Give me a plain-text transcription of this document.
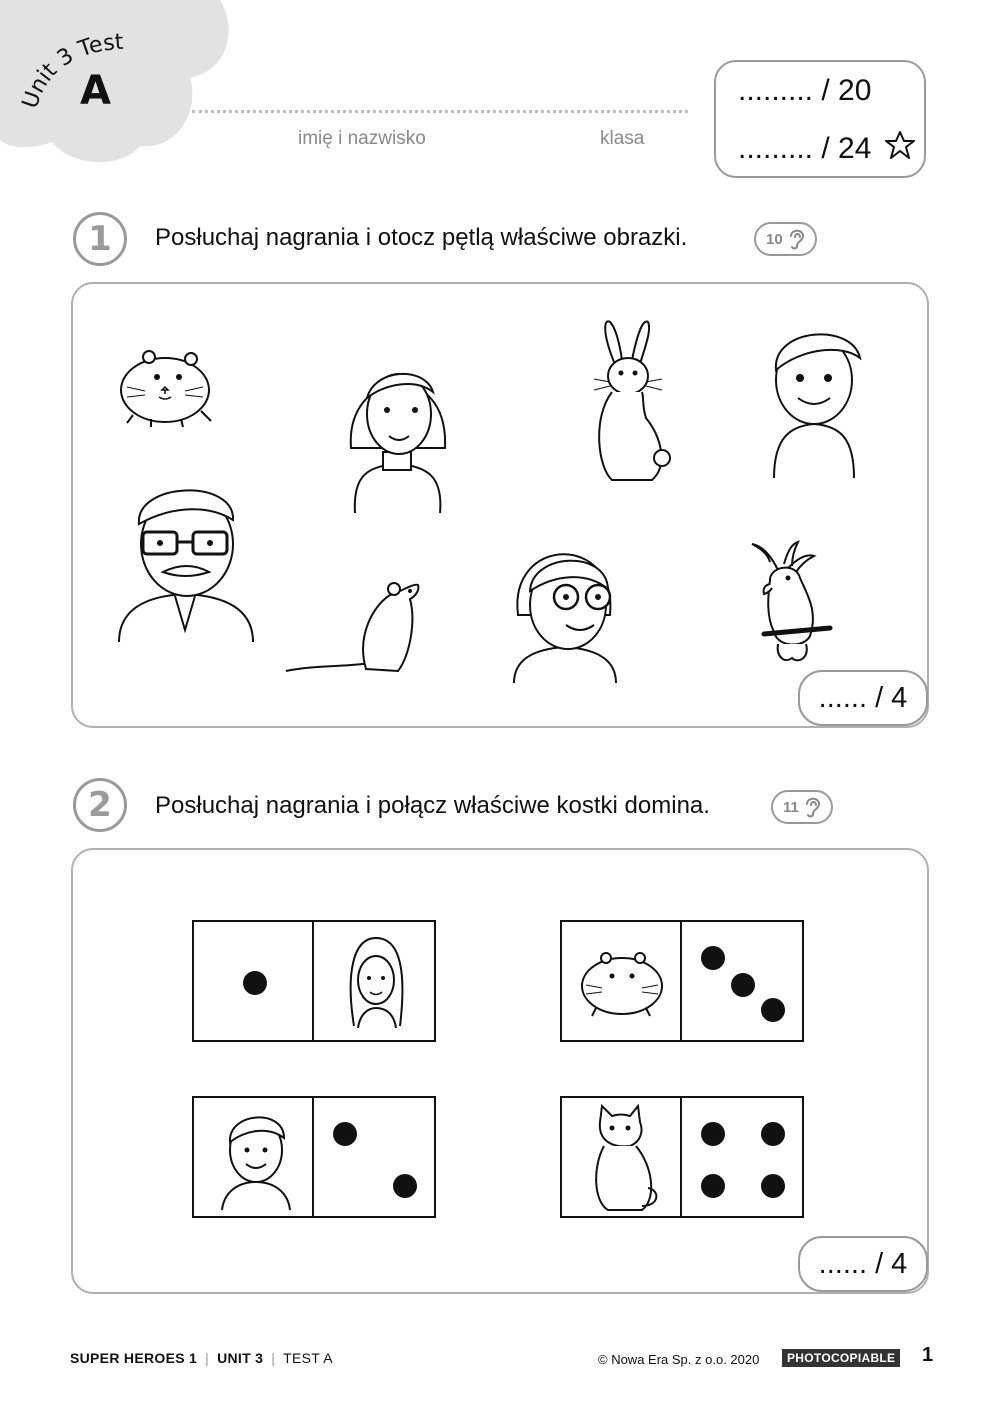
Unit 3 Test
A
imię i nazwisko	klasa
......... / 20
......... / 24
1	Posłuchaj nagrania i otocz pętlą właściwe obrazki.	10
...... / 4
2	Posłuchaj nagrania i połącz właściwe kostki domina.	11
...... / 4
SUPER HEROES 1 | UNIT 3 | TEST A	© Nowa Era Sp. z o.o. 2020	PHOTOCOPIABLE 1
